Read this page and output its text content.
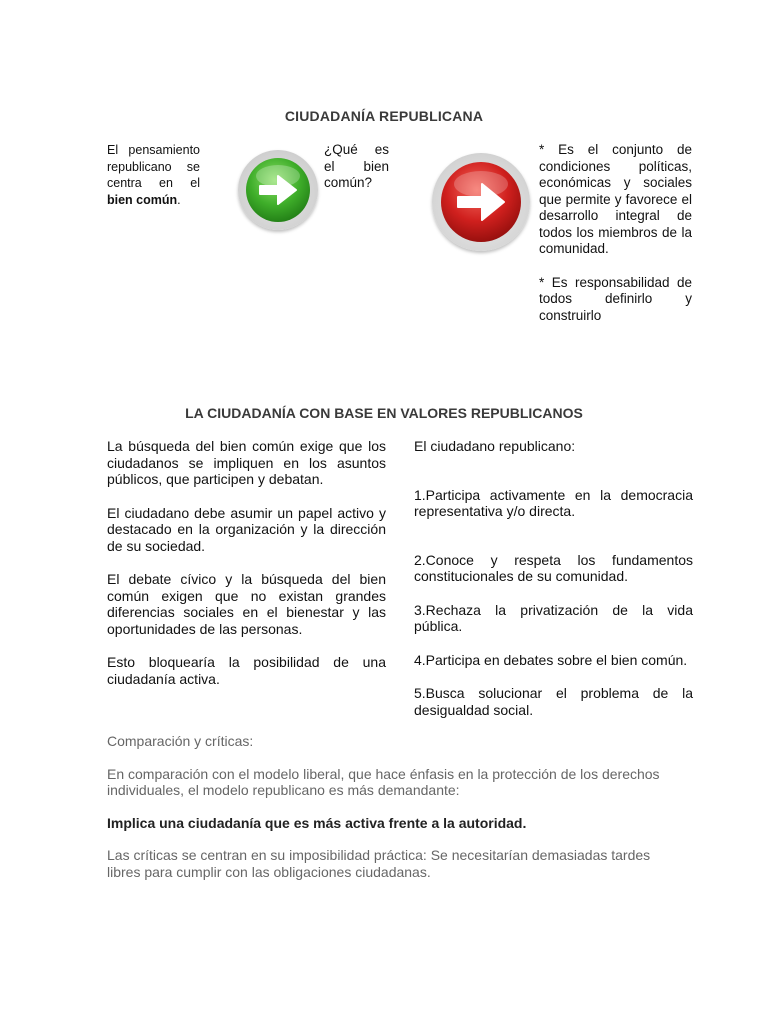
CIUDADANÍA REPUBLICANA
El pensamiento republicano se centra en el bien común.
¿Qué es el bien común?

* Es el conjunto de condiciones políticas, económicas y sociales que permite y favorece el desarrollo integral de todos los miembros de la comunidad.

* Es responsabilidad de todos definirlo y construirlo

LA CIUDADANÍA CON BASE EN VALORES REPUBLICANOS

La búsqueda del bien común exige que los ciudadanos se impliquen en los asuntos públicos, que participen y debatan.

El ciudadano debe asumir un papel activo y destacado en la organización y la dirección de su sociedad.

El debate cívico y la búsqueda del bien común exigen que no existan grandes diferencias sociales en el bienestar y las oportunidades de las personas.

Esto bloquearía la posibilidad de una ciudadanía activa.

El ciudadano republicano:

1.Participa activamente en la democracia representativa y/o directa.

2.Conoce y respeta los fundamentos constitucionales de su comunidad.

3.Rechaza la privatización de la vida pública.

4.Participa en debates sobre el bien común.

5.Busca solucionar el problema de la desigualdad social.

Comparación y críticas:

En comparación con el modelo liberal, que hace énfasis en la protección de los derechos individuales, el modelo republicano es más demandante:

Implica una ciudadanía que es más activa frente a la autoridad.

Las críticas se centran en su imposibilidad práctica: Se necesitarían demasiadas tardes libres para cumplir con las obligaciones ciudadanas.
